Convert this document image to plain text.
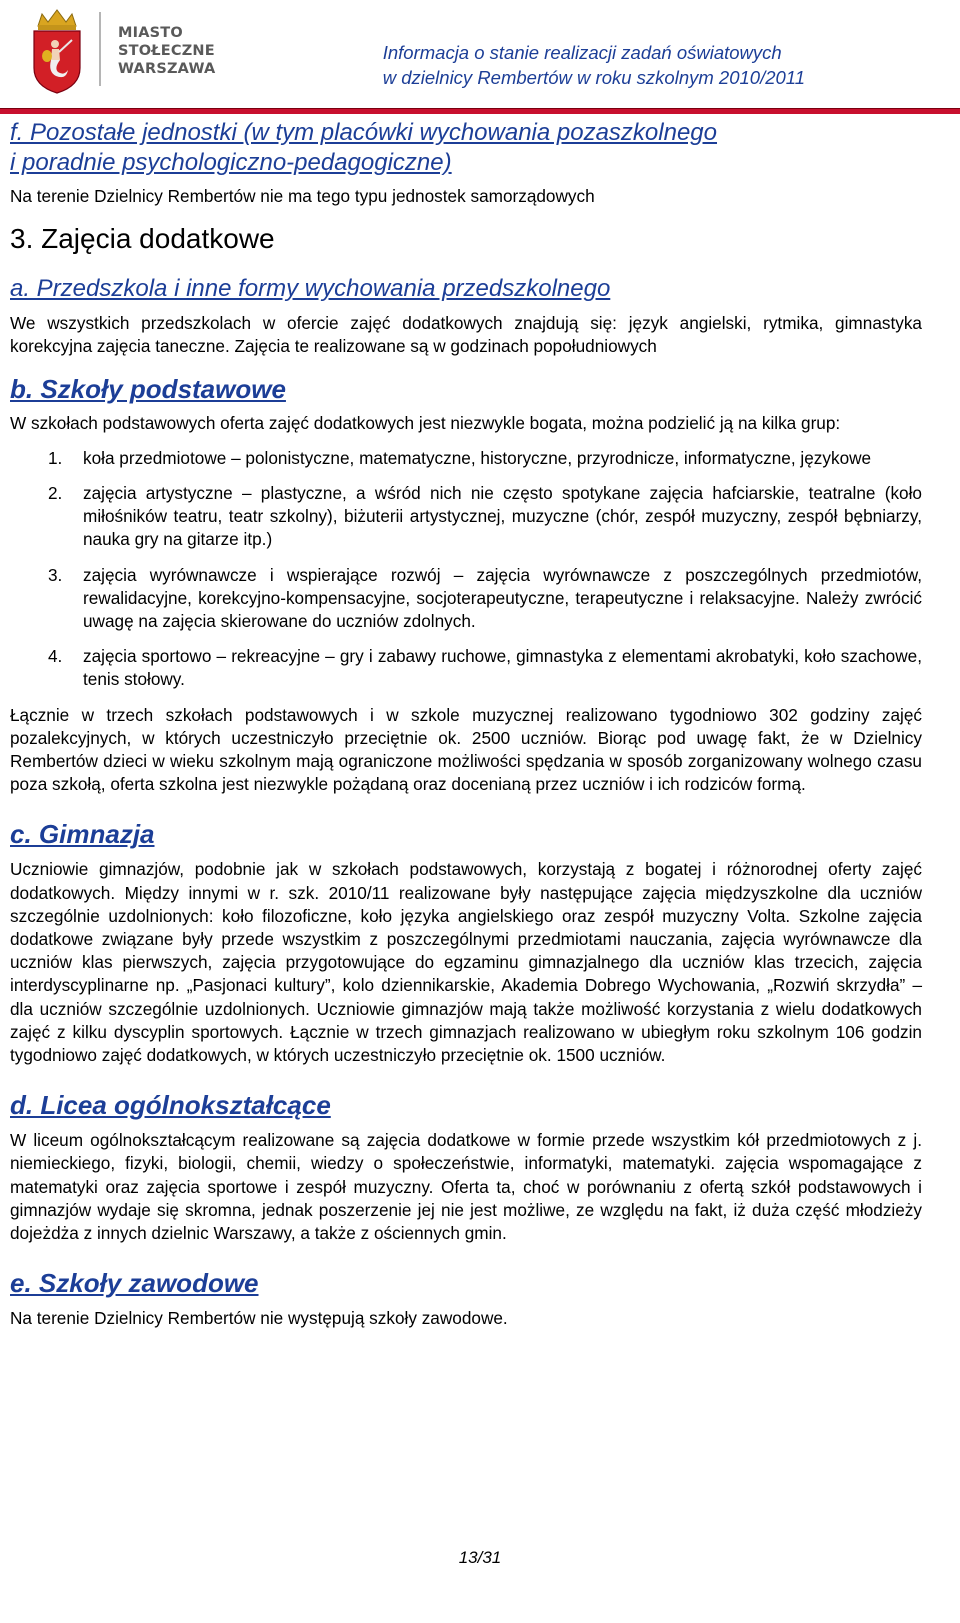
MIASTO
STOŁECZNE
WARSZAWA
Informacja o stanie realizacji zadań oświatowych
w dzielnicy Rembertów w roku szkolnym 2010/2011
f. Pozostałe jednostki (w tym placówki wychowania pozaszkolnego
i poradnie psychologiczno-pedagogiczne)

Na terenie Dzielnicy Rembertów nie ma tego typu jednostek samorządowych

3. Zajęcia dodatkowe
a. Przedszkola i inne formy wychowania przedszkolnego

We wszystkich przedszkolach w ofercie zajęć dodatkowych znajdują się: język angielski, rytmika, gimnastyka korekcyjna zajęcia taneczne. Zajęcia te realizowane są w godzinach popołudniowych

b. Szkoły podstawowe

W szkołach podstawowych oferta zajęć dodatkowych jest niezwykle bogata, można podzielić ją na kilka grup:

1. koła przedmiotowe – polonistyczne, matematyczne, historyczne, przyrodnicze, informatyczne, językowe
2. zajęcia artystyczne – plastyczne, a wśród nich nie często spotykane zajęcia hafciarskie, teatralne (koło miłośników teatru, teatr szkolny), biżuterii artystycznej, muzyczne (chór, zespół muzyczny, zespół bębniarzy, nauka gry na gitarze itp.)
3. zajęcia wyrównawcze i wspierające rozwój – zajęcia wyrównawcze z poszczególnych przedmiotów, rewalidacyjne, korekcyjno-kompensacyjne, socjoterapeutyczne, terapeutyczne i relaksacyjne. Należy zwrócić uwagę na zajęcia skierowane do uczniów zdolnych.
4. zajęcia sportowo – rekreacyjne – gry i zabawy ruchowe, gimnastyka z elementami akrobatyki, koło szachowe, tenis stołowy.

Łącznie w trzech szkołach podstawowych i w szkole muzycznej realizowano tygodniowo 302 godziny zajęć pozalekcyjnych, w których uczestniczyło przeciętnie ok. 2500 uczniów. Biorąc pod uwagę fakt, że w Dzielnicy Rembertów dzieci w wieku szkolnym mają ograniczone możliwości spędzania w sposób zorganizowany wolnego czasu poza szkołą, oferta szkolna jest niezwykle pożądaną oraz docenianą przez uczniów i ich rodziców formą.

c. Gimnazja

Uczniowie gimnazjów, podobnie jak w szkołach podstawowych, korzystają z bogatej i różnorodnej oferty zajęć dodatkowych. Między innymi w r. szk. 2010/11 realizowane były następujące zajęcia międzyszkolne dla uczniów szczególnie uzdolnionych: koło filozoficzne, koło języka angielskiego oraz zespół muzyczny Volta. Szkolne zajęcia dodatkowe związane były przede wszystkim z poszczególnymi przedmiotami nauczania, zajęcia wyrównawcze dla uczniów klas pierwszych, zajęcia przygotowujące do egzaminu gimnazjalnego dla uczniów klas trzecich, zajęcia interdyscyplinarne np. „Pasjonaci kultury”, kolo dziennikarskie, Akademia Dobrego Wychowania, „Rozwiń skrzydła” – dla uczniów szczególnie uzdolnionych. Uczniowie gimnazjów mają także możliwość korzystania z wielu dodatkowych zajęć z kilku dyscyplin sportowych. Łącznie w trzech gimnazjach realizowano w ubiegłym roku szkolnym 106 godzin tygodniowo zajęć dodatkowych, w których uczestniczyło przeciętnie ok. 1500 uczniów.

d. Licea ogólnokształcące

W liceum ogólnokształcącym realizowane są zajęcia dodatkowe w formie przede wszystkim kół przedmiotowych z j. niemieckiego, fizyki, biologii, chemii, wiedzy o społeczeństwie, informatyki, matematyki. zajęcia wspomagające z matematyki oraz zajęcia sportowe i zespół muzyczny. Oferta ta, choć w porównaniu z ofertą szkół podstawowych i gimnazjów wydaje się skromna, jednak poszerzenie jej nie jest możliwe, ze względu na fakt, iż duża część młodzieży dojeżdża z innych dzielnic Warszawy, a także z ościennych gmin.

e. Szkoły zawodowe

Na terenie Dzielnicy Rembertów nie występują szkoły zawodowe.

13/31
